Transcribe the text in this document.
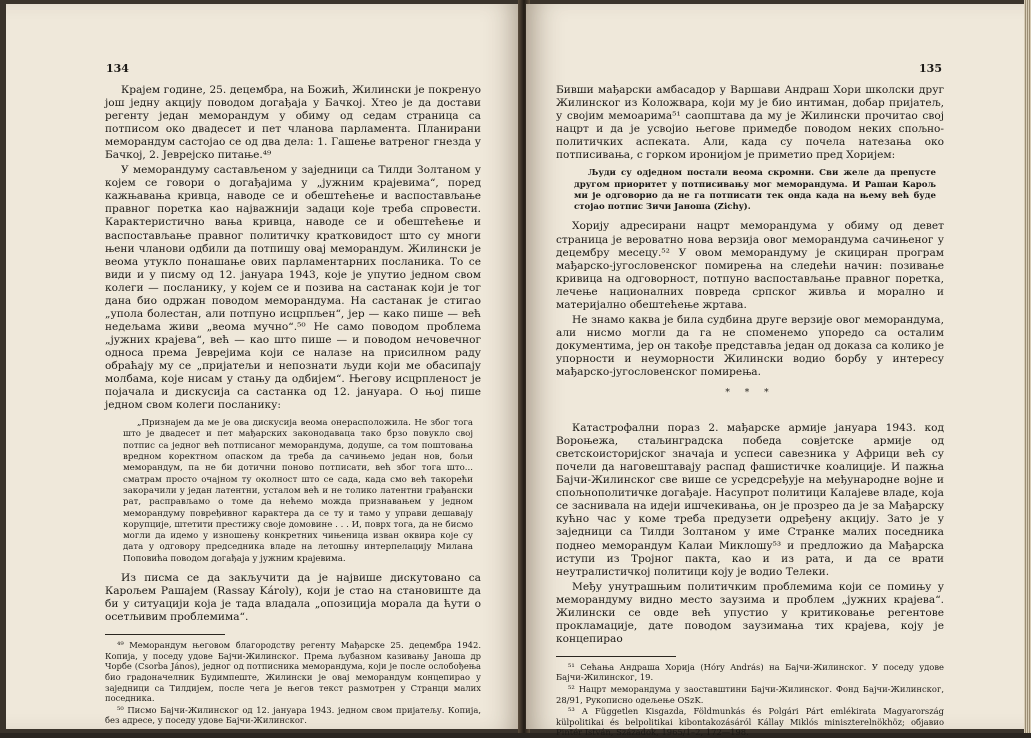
134

Крајем године, 25. децембра, на Божић, Жилински је покренуо још једну акцију поводом догађаја у Бачкој. Хтео је да достави регенту један меморандум у обиму од седам страница са потписом око двадесет и пет чланова парламента. Планирани меморандум састојао се од два дела: 1. Гашење ватреног гнезда у Бачкој, 2. Јеврејско питање.⁴⁹

У меморандуму састављеном у заједници са Тилди Золтаном у којем се говори о догађајима у „јужним крајевима“, поред кажњавања кривца, наводе се и обештећење и васпостављање правног поретка као најважнији задаци које треба спровести. Карактеристично вања кривца, наводе се и обештећење и васпостављање правног политичку кратковидост што су многи њени чланови одбили да потпишу овај меморандум. Жилински је веома утукло понашање ових парламентарних посланика. То се види и у писму од 12. јануара 1943, које је упутио једном свом колеги — посланику, у којем се и позива на састанак који је тог дана био одржан поводом меморандума. На састанак је стигао „упола болестан, али потпуно исцрпљен“, јер — како пише — већ недељама живи „веома мучно“.⁵⁰ Не само поводом проблема „јужних крајева“, већ — као што пише — и поводом нечовечног односа према Јеврејима који се налазе на присилном раду обраћају му се „пријатељи и непознати људи који ме обасипају молбама, које нисам у стању да одбијем“. Његову исцрпленост је појачала и дискусија са састанка од 12. јануара. О њој пише једном свом колеги посланику:

„Признајем да ме је ова дискусија веома онерасположила. Не због тога што је двадесет и пет мађарских законодаваца тако брзо повукло свој потпис са једног већ потписаног меморандума, додуше, са том поштовања вредном коректном опаском да треба да сачињемо један нов, бољи меморандум, па не би дотични поново потписати, већ због тога што... сматрам просто очајном ту околност што се сада, када смо већ такорећи закорачили у један латентни, усталом већ и не толико латентни грађански рат, расправљамо о томе да нећемо можда признавањем у једном меморандуму повређивног карактера да се ту и тамо у управи дешавају корупције, штетити престижу своје домовине . . . И, поврх тога, да не бисмо могли да идемо у изношењу конкретних чињеница изван оквира које су дата у одговору председника владе на летошњу интерпелацију Милана Поповића поводом догађаја у јужним крајевима.

Из писма се да закључити да је највише дискутовано са Карољем Рашајем (Rassay Károly), који је стао на становиште да би у ситуацији која је тада владала „опозиција морала да ћути о осетљивим проблемима“.

⁴⁹ Меморандум његовом благородству регенту Мађарске 25. децембра 1942. Копија, у поседу удове Бајчи-Жилинског. Према љубазном казивању Јаноша др Чорбе (Csorba János), једног од потписника меморандума, који је после ослобођења био градоначелник Будимпеште, Жилински је овај меморандум концепирао у заједници са Тилдијем, после чега је његов текст размотрен у Странци малих поседника.

⁵⁰ Писмо Бајчи-Жилинског од 12. јануара 1943. једном свом пријатељу. Копија, без адресе, у поседу удове Бајчи-Жилинског.

135

Бивши мађарски амбасадор у Варшави Андраш Хори школски друг Жилинског из Коложвара, који му је био интиман, добар пријатељ, у својим мемоарима⁵¹ саопштава да му је Жилински прочитао свој нацрт и да је усвојио његове примедбе поводом неких спољно-политичких аспеката. Али, када су почела натезања око потписивања, с горком иронијом је приметио пред Хоријем:

Људи су одједном постали веома скромни. Сви желе да препусте другом приоритет у потписивању мог меморандума. И Рашаи Карољ ми је одговорио да не га потписати тек онда када на њему већ буде стојао потпис Зичи Јаноша (Zichy).

Хорију адресирани нацрт меморандума у обиму од девет страница је вероватно нова верзија овог меморандума сачињеног у децембру месецу.⁵² У овом меморандуму је скициран програм мађарско-југословенског помирења на следећи начин: позивање кривица на одговорност, потпуно васпостављање правног поретка, лечење националних повреда српског живља и морално и материјално обештећење жртава.

Не знамо каква је била судбина друге верзије овог меморандума, али нисмо могли да га не споменемо упоредо са осталим документима, јер он такође представља један од доказа са колико је упорности и неуморности Жилински водио борбу у интересу мађарско-југословенског помирења.

* * *

Катастрофални пораз 2. мађарске армије јануара 1943. код Вороњежа, стаљинградска победа совјетске армије од светскоисторијског значаја и успеси савезника у Африци већ су почели да наговештавају распад фашистичке коалиције. И пажња Бајчи-Жилинског све више се усредсређује на међународне војне и спољнополитичке догађаје. Насупрот политици Калајеве владе, која се заснивала на идеји ишчекивања, он је прозрео да је за Мађарску кућно час у коме треба предузети одређену акцију. Зато је у заједници са Тилди Золтаном у име Странке малих поседника поднео меморандум Калаи Миклошу⁵³ и предложио да Мађарска иступи из Тројног пакта, као и из рата, и да се врати неутралистичкој политици коју је водио Телеки.

Међу унутрашњим политичким проблемима који се помињу у меморандуму видно место заузима и проблем „јужних крајева“. Жилински се овде већ упустио у критиковање регентове прокламације, дате поводом заузимања тих крајева, коју је концепирао

⁵¹ Сећања Андраша Хорија (Hóry András) на Бајчи-Жилинског. У поседу удове Бајчи-Жилинског, 19.

⁵² Нацрт меморандума у заоставштини Бајчи-Жилинског. Фонд Бајчи-Жилинског, 28/91, Рукописно одељење OSzK.

⁵³ A Független Kisgazda, Földmunkás és Polgári Párt emlékirata Magyarország külpolitikai és belpolitikai kibontakozásáról Kállay Miklós miniszterelnökhöz; објавио Pintér István, Századok, 1965/1–2, 172—198.
